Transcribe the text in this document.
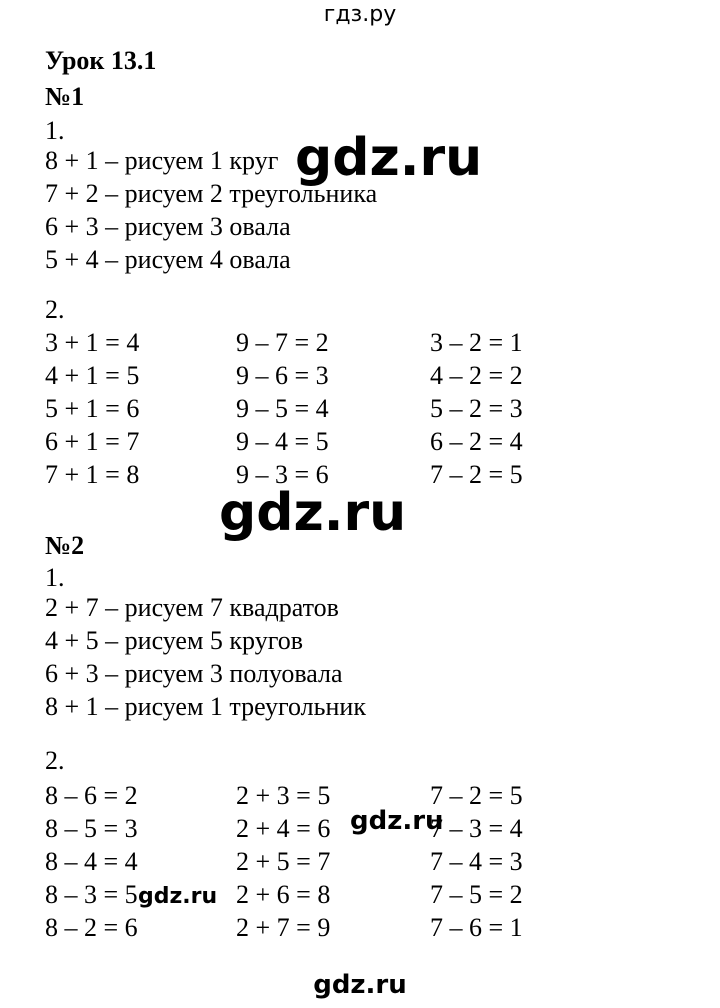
гдз.ру
Урок 13.1
№1
1.
8 + 1 – рисуем 1 круг
7 + 2 – рисуем 2 треугольника
6 + 3 – рисуем 3 овала
5 + 4 – рисуем 4 овала
2.
3 + 1 = 4	9 – 7 = 2	3 – 2 = 1
4 + 1 = 5	9 – 6 = 3	4 – 2 = 2
5 + 1 = 6	9 – 5 = 4	5 – 2 = 3
6 + 1 = 7	9 – 4 = 5	6 – 2 = 4
7 + 1 = 8	9 – 3 = 6	7 – 2 = 5
№2
1.
2 + 7 – рисуем 7 квадратов
4 + 5 – рисуем 5 кругов
6 + 3 – рисуем 3 полуовала
8 + 1 – рисуем 1 треугольник
2.
8 – 6 = 2	2 + 3 = 5	7 – 2 = 5
8 – 5 = 3	2 + 4 = 6	7 – 3 = 4
8 – 4 = 4	2 + 5 = 7	7 – 4 = 3
8 – 3 = 5	2 + 6 = 8	7 – 5 = 2
8 – 2 = 6	2 + 7 = 9	7 – 6 = 1
gdz.ru
gdz.ru
gdz.ru
gdz.ru
gdz.ru
